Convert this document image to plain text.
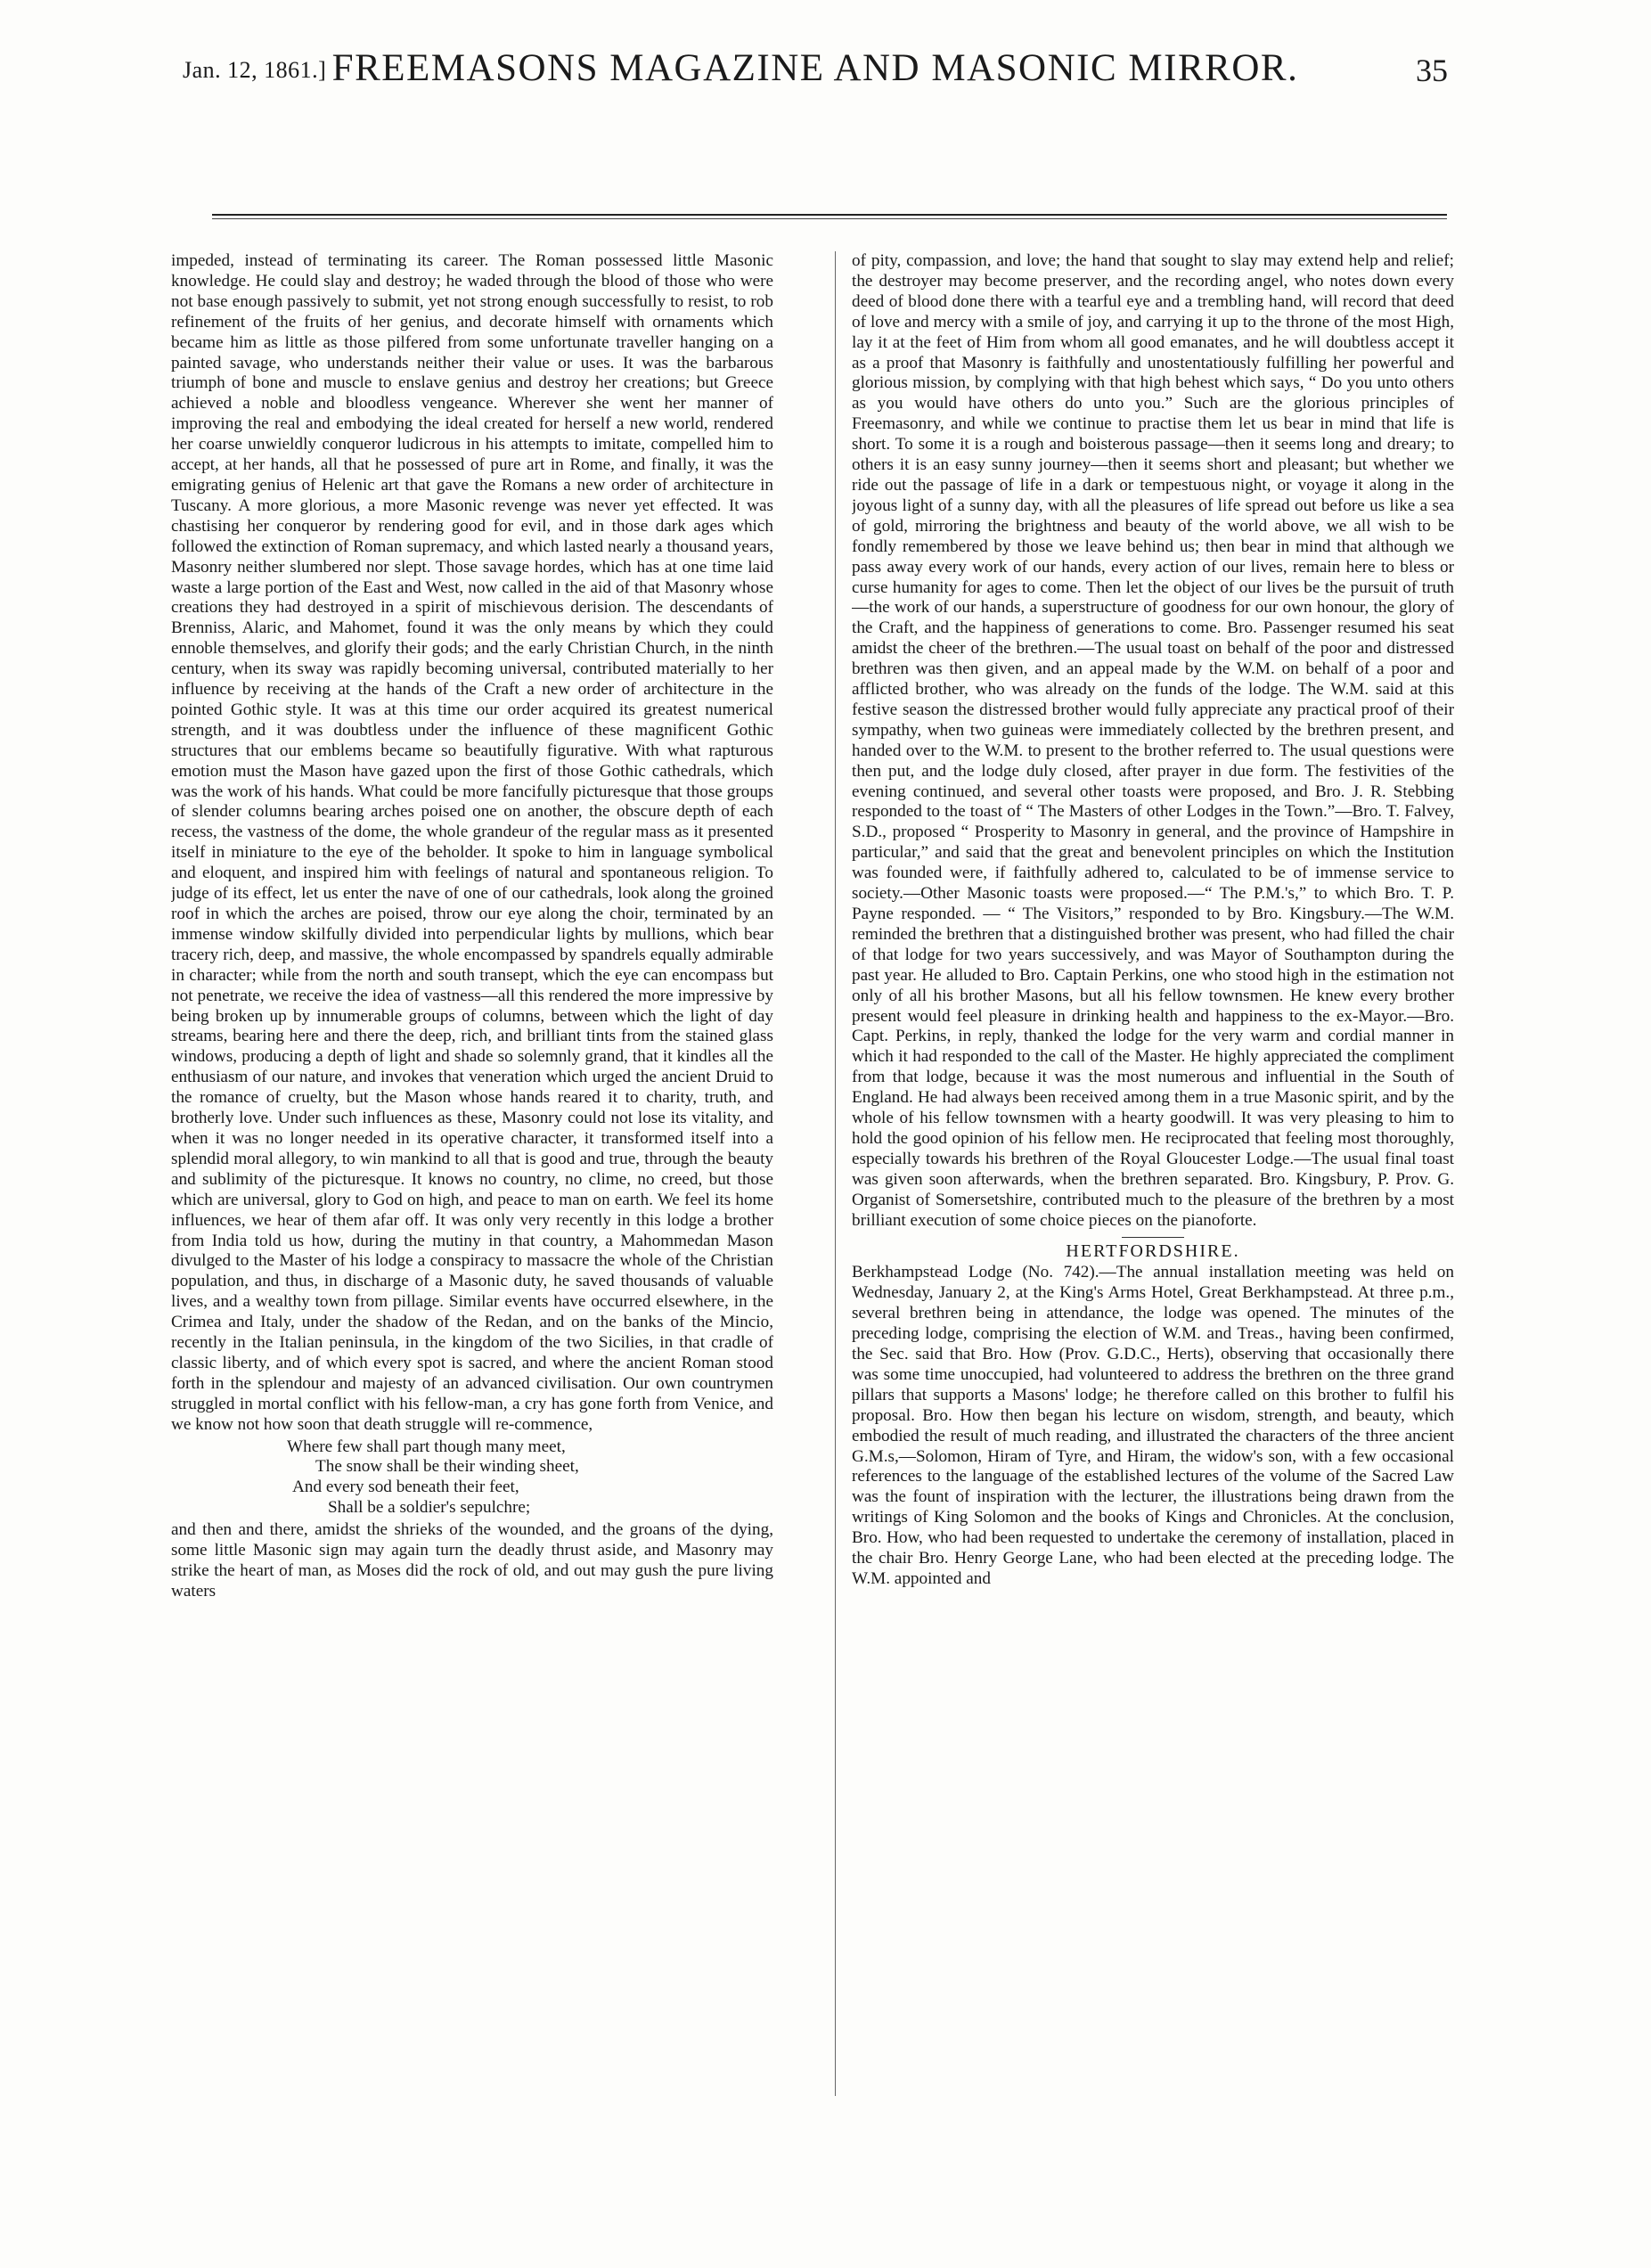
Jan. 12, 1861.] FREEMASONS MAGAZINE AND MASONIC MIRROR.	35

impeded, instead of terminating its career. The Roman possessed little Masonic knowledge. He could slay and destroy; he waded through the blood of those who were not base enough passively to submit, yet not strong enough successfully to resist, to rob refinement of the fruits of her genius, and decorate himself with ornaments which became him as little as those pilfered from some unfortunate traveller hanging on a painted savage, who understands neither their value or uses. It was the barbarous triumph of bone and muscle to enslave genius and destroy her creations; but Greece achieved a noble and bloodless vengeance. Wherever she went her manner of improving the real and embodying the ideal created for herself a new world, rendered her coarse unwieldly conqueror ludicrous in his attempts to imitate, compelled him to accept, at her hands, all that he possessed of pure art in Rome, and finally, it was the emigrating genius of Helenic art that gave the Romans a new order of architecture in Tuscany. A more glorious, a more Masonic revenge was never yet effected. It was chastising her conqueror by rendering good for evil, and in those dark ages which followed the extinction of Roman supremacy, and which lasted nearly a thousand years, Masonry neither slumbered nor slept. Those savage hordes, which has at one time laid waste a large portion of the East and West, now called in the aid of that Masonry whose creations they had destroyed in a spirit of mischievous derision. The descendants of Brenniss, Alaric, and Mahomet, found it was the only means by which they could ennoble themselves, and glorify their gods; and the early Christian Church, in the ninth century, when its sway was rapidly becoming universal, contributed materially to her influence by receiving at the hands of the Craft a new order of architecture in the pointed Gothic style. It was at this time our order acquired its greatest numerical strength, and it was doubtless under the influence of these magnificent Gothic structures that our emblems became so beautifully figurative. With what rapturous emotion must the Mason have gazed upon the first of those Gothic cathedrals, which was the work of his hands. What could be more fancifully picturesque that those groups of slender columns bearing arches poised one on another, the obscure depth of each recess, the vastness of the dome, the whole grandeur of the regular mass as it presented itself in miniature to the eye of the beholder. It spoke to him in language symbolical and eloquent, and inspired him with feelings of natural and spontaneous religion. To judge of its effect, let us enter the nave of one of our cathedrals, look along the groined roof in which the arches are poised, throw our eye along the choir, terminated by an immense window skilfully divided into perpendicular lights by mullions, which bear tracery rich, deep, and massive, the whole encompassed by spandrels equally admirable in character; while from the north and south transept, which the eye can encompass but not penetrate, we receive the idea of vastness—all this rendered the more impressive by being broken up by innumerable groups of columns, between which the light of day streams, bearing here and there the deep, rich, and brilliant tints from the stained glass windows, producing a depth of light and shade so solemnly grand, that it kindles all the enthusiasm of our nature, and invokes that veneration which urged the ancient Druid to the romance of cruelty, but the Mason whose hands reared it to charity, truth, and brotherly love. Under such influences as these, Masonry could not lose its vitality, and when it was no longer needed in its operative character, it transformed itself into a splendid moral allegory, to win mankind to all that is good and true, through the beauty and sublimity of the picturesque. It knows no country, no clime, no creed, but those which are universal, glory to God on high, and peace to man on earth. We feel its home influences, we hear of them afar off. It was only very recently in this lodge a brother from India told us how, during the mutiny in that country, a Mahommedan Mason divulged to the Master of his lodge a conspiracy to massacre the whole of the Christian population, and thus, in discharge of a Masonic duty, he saved thousands of valuable lives, and a wealthy town from pillage. Similar events have occurred elsewhere, in the Crimea and Italy, under the shadow of the Redan, and on the banks of the Mincio, recently in the Italian peninsula, in the kingdom of the two Sicilies, in that cradle of classic liberty, and of which every spot is sacred, and where the ancient Roman stood forth in the splendour and majesty of an advanced civilisation. Our own countrymen struggled in mortal conflict with his fellow-man, a cry has gone forth from Venice, and we know not how soon that death struggle will re-commence,

Where few shall part though many meet,
The snow shall be their winding sheet,
And every sod beneath their feet,
Shall be a soldier's sepulchre;

and then and there, amidst the shrieks of the wounded, and the groans of the dying, some little Masonic sign may again turn the deadly thrust aside, and Masonry may strike the heart of man, as Moses did the rock of old, and out may gush the pure living waters

of pity, compassion, and love; the hand that sought to slay may extend help and relief; the destroyer may become preserver, and the recording angel, who notes down every deed of blood done there with a tearful eye and a trembling hand, will record that deed of love and mercy with a smile of joy, and carrying it up to the throne of the most High, lay it at the feet of Him from whom all good emanates, and he will doubtless accept it as a proof that Masonry is faithfully and unostentatiously fulfilling her powerful and glorious mission, by complying with that high behest which says, “ Do you unto others as you would have others do unto you.” Such are the glorious principles of Freemasonry, and while we continue to practise them let us bear in mind that life is short. To some it is a rough and boisterous passage—then it seems long and dreary; to others it is an easy sunny journey—then it seems short and pleasant; but whether we ride out the passage of life in a dark or tempestuous night, or voyage it along in the joyous light of a sunny day, with all the pleasures of life spread out before us like a sea of gold, mirroring the brightness and beauty of the world above, we all wish to be fondly remembered by those we leave behind us; then bear in mind that although we pass away every work of our hands, every action of our lives, remain here to bless or curse humanity for ages to come. Then let the object of our lives be the pursuit of truth—the work of our hands, a superstructure of goodness for our own honour, the glory of the Craft, and the happiness of generations to come. Bro. Passenger resumed his seat amidst the cheer of the brethren.—The usual toast on behalf of the poor and distressed brethren was then given, and an appeal made by the W.M. on behalf of a poor and afflicted brother, who was already on the funds of the lodge. The W.M. said at this festive season the distressed brother would fully appreciate any practical proof of their sympathy, when two guineas were immediately collected by the brethren present, and handed over to the W.M. to present to the brother referred to. The usual questions were then put, and the lodge duly closed, after prayer in due form. The festivities of the evening continued, and several other toasts were proposed, and Bro. J. R. Stebbing responded to the toast of “ The Masters of other Lodges in the Town.”—Bro. T. Falvey, S.D., proposed “ Prosperity to Masonry in general, and the province of Hampshire in particular,” and said that the great and benevolent principles on which the Institution was founded were, if faithfully adhered to, calculated to be of immense service to society.—Other Masonic toasts were proposed.—“ The P.M.'s,” to which Bro. T. P. Payne responded. — “ The Visitors,” responded to by Bro. Kingsbury.—The W.M. reminded the brethren that a distinguished brother was present, who had filled the chair of that lodge for two years successively, and was Mayor of Southampton during the past year. He alluded to Bro. Captain Perkins, one who stood high in the estimation not only of all his brother Masons, but all his fellow townsmen. He knew every brother present would feel pleasure in drinking health and happiness to the ex-Mayor.—Bro. Capt. Perkins, in reply, thanked the lodge for the very warm and cordial manner in which it had responded to the call of the Master. He highly appreciated the compliment from that lodge, because it was the most numerous and influential in the South of England. He had always been received among them in a true Masonic spirit, and by the whole of his fellow townsmen with a hearty goodwill. It was very pleasing to him to hold the good opinion of his fellow men. He reciprocated that feeling most thoroughly, especially towards his brethren of the Royal Gloucester Lodge.—The usual final toast was given soon afterwards, when the brethren separated. Bro. Kingsbury, P. Prov. G. Organist of Somersetshire, contributed much to the pleasure of the brethren by a most brilliant execution of some choice pieces on the pianoforte.

HERTFORDSHIRE.

Berkhampstead Lodge (No. 742).—The annual installation meeting was held on Wednesday, January 2, at the King's Arms Hotel, Great Berkhampstead. At three p.m., several brethren being in attendance, the lodge was opened. The minutes of the preceding lodge, comprising the election of W.M. and Treas., having been confirmed, the Sec. said that Bro. How (Prov. G.D.C., Herts), observing that occasionally there was some time unoccupied, had volunteered to address the brethren on the three grand pillars that supports a Masons' lodge; he therefore called on this brother to fulfil his proposal. Bro. How then began his lecture on wisdom, strength, and beauty, which embodied the result of much reading, and illustrated the characters of the three ancient G.M.s,—Solomon, Hiram of Tyre, and Hiram, the widow's son, with a few occasional references to the language of the established lectures of the volume of the Sacred Law was the fount of inspiration with the lecturer, the illustrations being drawn from the writings of King Solomon and the books of Kings and Chronicles. At the conclusion, Bro. How, who had been requested to undertake the ceremony of installation, placed in the chair Bro. Henry George Lane, who had been elected at the preceding lodge. The W.M. appointed and
